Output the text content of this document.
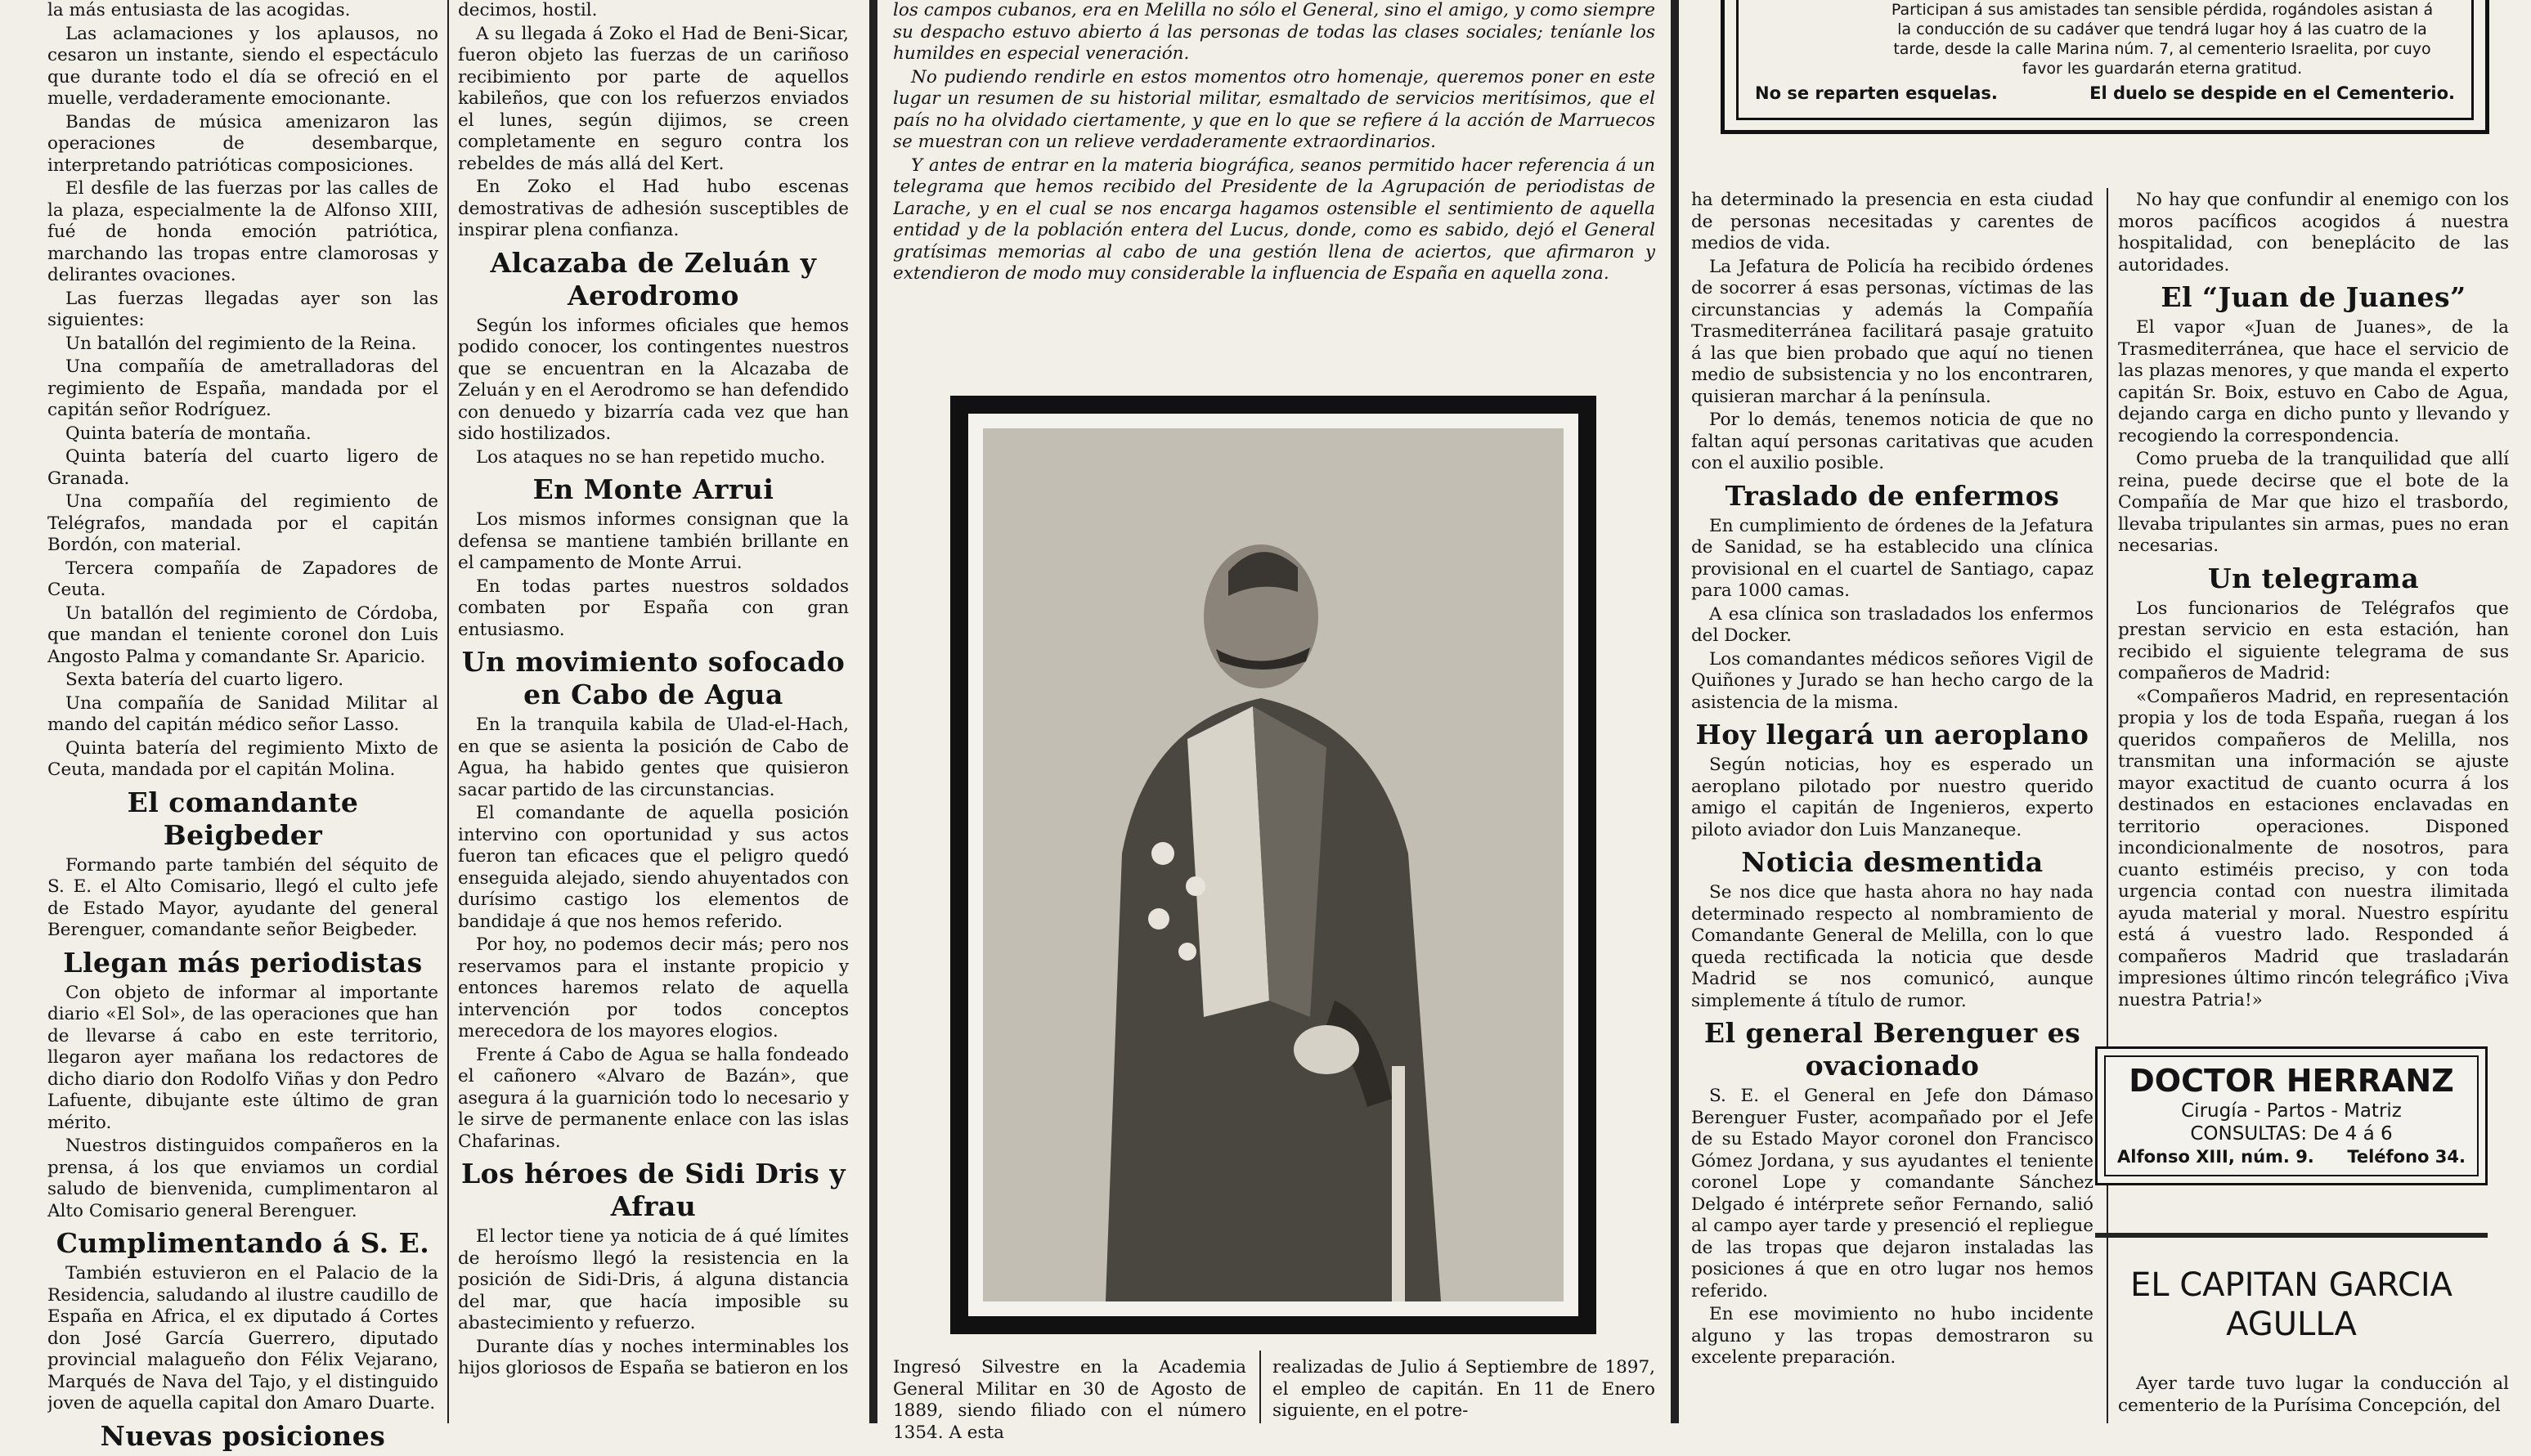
la más entusiasta de las acogidas.

Las aclamaciones y los aplausos, no cesaron un instante, siendo el espectáculo que durante todo el día se ofreció en el muelle, verdaderamente emocionante.

Bandas de música amenizaron las operaciones de desembarque, interpretando patrióticas composiciones.

El desfile de las fuerzas por las calles de la plaza, especialmente la de Alfonso XIII, fué de honda emoción patriótica, marchando las tropas entre clamorosas y delirantes ovaciones.

Las fuerzas llegadas ayer son las siguientes:

Un batallón del regimiento de la Reina.

Una compañía de ametralladoras del regimiento de España, mandada por el capitán señor Rodríguez.

Quinta batería de montaña.

Quinta batería del cuarto ligero de Granada.

Una compañía del regimiento de Telégrafos, mandada por el capitán Bordón, con material.

Tercera compañía de Zapadores de Ceuta.

Un batallón del regimiento de Córdoba, que mandan el teniente coronel don Luis Angosto Palma y comandante Sr. Aparicio.

Sexta batería del cuarto ligero.

Una compañía de Sanidad Militar al mando del capitán médico señor Lasso.

Quinta batería del regimiento Mixto de Ceuta, mandada por el capitán Molina.

El comandante Beigbeder

Formando parte también del séquito de S. E. el Alto Comisario, llegó el culto jefe de Estado Mayor, ayudante del general Berenguer, comandante señor Beigbeder.

Llegan más periodistas

Con objeto de informar al importante diario «El Sol», de las operaciones que han de llevarse á cabo en este territorio, llegaron ayer mañana los redactores de dicho diario don Rodolfo Viñas y don Pedro Lafuente, dibujante este último de gran mérito.

Nuestros distinguidos compañeros en la prensa, á los que enviamos un cordial saludo de bienvenida, cumplimentaron al Alto Comisario general Berenguer.

Cumplimentando á S. E.

También estuvieron en el Palacio de la Residencia, saludando al ilustre caudillo de España en Africa, el ex diputado á Cortes don José García Guerrero, diputado provincial malagueño don Félix Vejarano, Marqués de Nava del Tajo, y el distinguido joven de aquella capital don Amaro Duarte.

Nuevas posiciones

decimos, hostil.

A su llegada á Zoko el Had de Beni-Sicar, fueron objeto las fuerzas de un cariñoso recibimiento por parte de aquellos kabileños, que con los refuerzos enviados el lunes, según dijimos, se creen completamente en seguro contra los rebeldes de más allá del Kert.

En Zoko el Had hubo escenas demostrativas de adhesión susceptibles de inspirar plena confianza.

Alcazaba de Zeluán y Aerodromo

Según los informes oficiales que hemos podido conocer, los contingentes nuestros que se encuentran en la Alcazaba de Zeluán y en el Aerodromo se han defendido con denuedo y bizarría cada vez que han sido hostilizados.

Los ataques no se han repetido mucho.

En Monte Arrui

Los mismos informes consignan que la defensa se mantiene también brillante en el campamento de Monte Arrui.

En todas partes nuestros soldados combaten por España con gran entusiasmo.

Un movimiento sofocado en Cabo de Agua

En la tranquila kabila de Ulad-el-Hach, en que se asienta la posición de Cabo de Agua, ha habido gentes que quisieron sacar partido de las circunstancias.

El comandante de aquella posición intervino con oportunidad y sus actos fueron tan eficaces que el peligro quedó enseguida alejado, siendo ahuyentados con durísimo castigo los elementos de bandidaje á que nos hemos referido.

Por hoy, no podemos decir más; pero nos reservamos para el instante propicio y entonces haremos relato de aquella intervención por todos conceptos merecedora de los mayores elogios.

Frente á Cabo de Agua se halla fondeado el cañonero «Alvaro de Bazán», que asegura á la guarnición todo lo necesario y le sirve de permanente enlace con las islas Chafarinas.

Los héroes de Sidi Dris y Afrau

El lector tiene ya noticia de á qué límites de heroísmo llegó la resistencia en la posición de Sidi-Dris, á alguna distancia del mar, que hacía imposible su abastecimiento y refuerzo.

Durante días y noches interminables los hijos gloriosos de España se batieron en los

los campos cubanos, era en Melilla no sólo el General, sino el amigo, y como siempre su despacho estuvo abierto á las personas de todas las clases sociales; teníanle los humildes en especial veneración.

No pudiendo rendirle en estos momentos otro homenaje, queremos poner en este lugar un resumen de su historial militar, esmaltado de servicios meritísimos, que el país no ha olvidado ciertamente, y que en lo que se refiere á la acción de Marruecos se muestran con un relieve verdaderamente extraordinarios.

Y antes de entrar en la materia biográfica, seanos permitido hacer referencia á un telegrama que hemos recibido del Presidente de la Agrupación de periodistas de Larache, y en el cual se nos encarga hagamos ostensible el sentimiento de aquella entidad y de la población entera del Lucus, donde, como es sabido, dejó el General gratísimas memorias al cabo de una gestión llena de aciertos, que afirmaron y extendieron de modo muy considerable la influencia de España en aquella zona.

Ingresó Silvestre en la Academia General Militar en 30 de Agosto de 1889, siendo filiado con el número 1354. A esta
realizadas de Julio á Septiembre de 1897, el empleo de capitán. En 11 de Enero siguiente, en el potre-
Participan á sus amistades tan sensible pérdida, rogándoles asistan á la conducción de su cadáver que tendrá lugar hoy á las cuatro de la tarde, desde la calle Marina núm. 7, al cementerio Israelita, por cuyo favor les guardarán eterna gratitud.
No se reparten esquelas.	El duelo se despide en el Cementerio.

ha determinado la presencia en esta ciudad de personas necesitadas y carentes de medios de vida.

La Jefatura de Policía ha recibido órdenes de socorrer á esas personas, víctimas de las circunstancias y además la Compañía Trasmediterránea facilitará pasaje gratuito á las que bien probado que aquí no tienen medio de subsistencia y no los encontraren, quisieran marchar á la península.

Por lo demás, tenemos noticia de que no faltan aquí personas caritativas que acuden con el auxilio posible.

Traslado de enfermos

En cumplimiento de órdenes de la Jefatura de Sanidad, se ha establecido una clínica provisional en el cuartel de Santiago, capaz para 1000 camas.

A esa clínica son trasladados los enfermos del Docker.

Los comandantes médicos señores Vigil de Quiñones y Jurado se han hecho cargo de la asistencia de la misma.

Hoy llegará un aeroplano

Según noticias, hoy es esperado un aeroplano pilotado por nuestro querido amigo el capitán de Ingenieros, experto piloto aviador don Luis Manzaneque.

Noticia desmentida

Se nos dice que hasta ahora no hay nada determinado respecto al nombramiento de Comandante General de Melilla, con lo que queda rectificada la noticia que desde Madrid se nos comunicó, aunque simplemente á título de rumor.

El general Berenguer es ovacionado

S. E. el General en Jefe don Dámaso Berenguer Fuster, acompañado por el Jefe de su Estado Mayor coronel don Francisco Gómez Jordana, y sus ayudantes el teniente coronel Lope y comandante Sánchez Delgado é intérprete señor Fernando, salió al campo ayer tarde y presenció el repliegue de las tropas que dejaron instaladas las posiciones á que en otro lugar nos hemos referido.

En ese movimiento no hubo incidente alguno y las tropas demostraron su excelente preparación.

No hay que confundir al enemigo con los moros pacíficos acogidos á nuestra hospitalidad, con beneplácito de las autoridades.

El “Juan de Juanes”

El vapor «Juan de Juanes», de la Trasmediterránea, que hace el servicio de las plazas menores, y que manda el experto capitán Sr. Boix, estuvo en Cabo de Agua, dejando carga en dicho punto y llevando y recogiendo la correspondencia.

Como prueba de la tranquilidad que allí reina, puede decirse que el bote de la Compañía de Mar que hizo el trasbordo, llevaba tripulantes sin armas, pues no eran necesarias.

Un telegrama

Los funcionarios de Telégrafos que prestan servicio en esta estación, han recibido el siguiente telegrama de sus compañeros de Madrid:

«Compañeros Madrid, en representación propia y los de toda España, ruegan á los queridos compañeros de Melilla, nos transmitan una información se ajuste mayor exactitud de cuanto ocurra á los destinados en estaciones enclavadas en territorio operaciones. Disponed incondicionalmente de nosotros, para cuanto estiméis preciso, y con toda urgencia contad con nuestra ilimitada ayuda material y moral. Nuestro espíritu está á vuestro lado. Responded á compañeros Madrid que trasladarán impresiones último rincón telegráfico ¡Viva nuestra Patria!»

DOCTOR HERRANZ
Cirugía - Partos - Matriz
CONSULTAS: De 4 á 6
Alfonso XIII, núm. 9. Teléfono 34.
EL CAPITAN GARCIA AGULLA

Ayer tarde tuvo lugar la conducción al cementerio de la Purísima Concepción, del
